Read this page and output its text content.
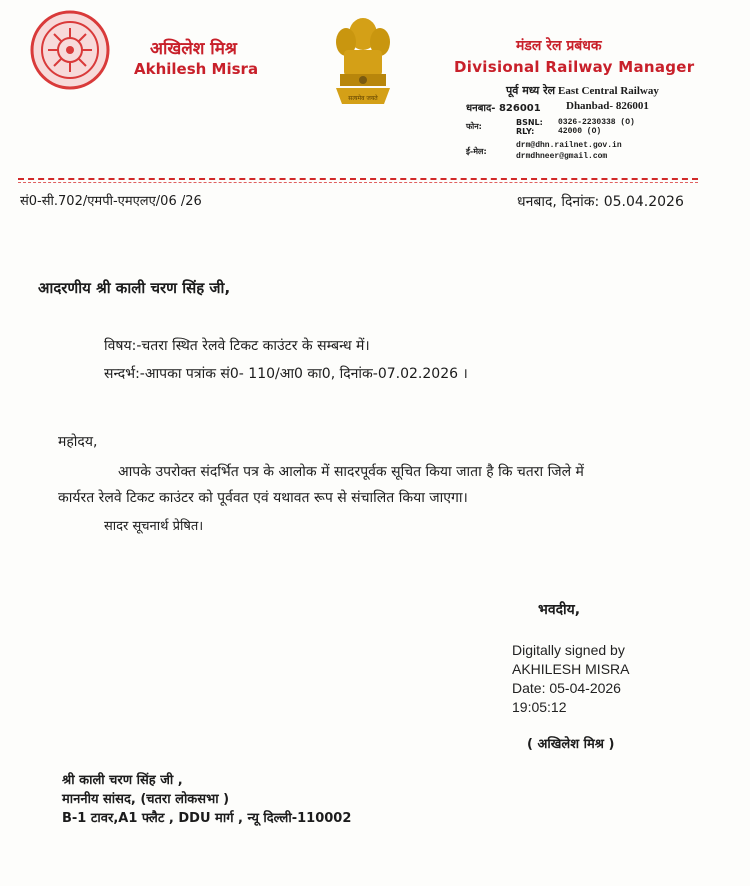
सत्यमेव जयते
अखिलेश मिश्र
Akhilesh Misra
मंडल रेल प्रबंधक
Divisional Railway Manager
पूर्व मध्य रेल East Central Railway
धनबाद- 826001 Dhanbad- 826001
फोन:	BSNL: 0326-2230338 (O)
RLY:	42000 (O)
ई-मेल:
drm@dhn.railnet.gov.in
drmdhneer@gmail.com
सं0-सी.702/एमपी-एमएलए/06 /26	धनबाद, दिनांक: 05.04.2026
आदरणीय श्री काली चरण सिंह जी,
विषय:-चतरा स्थित रेलवे टिकट काउंटर के सम्बन्ध में।
सन्दर्भ:-आपका पत्रांक सं0- 110/आ0 का0, दिनांक-07.02.2026 ।
महोदय,
आपके उपरोक्त संदर्भित पत्र के आलोक में सादरपूर्वक सूचित किया जाता है कि चतरा जिले में
कार्यरत रेलवे टिकट काउंटर को पूर्ववत एवं यथावत रूप से संचालित किया जाएगा।
सादर सूचनार्थ प्रेषित।
भवदीय,
Digitally signed by
AKHILESH MISRA
Date: 05-04-2026
19:05:12
( अखिलेश मिश्र )
श्री काली चरण सिंह जी ,
माननीय सांसद, (चतरा लोकसभा )
B-1 टावर,A1 फ्लैट , DDU मार्ग , न्यू दिल्ली-110002
